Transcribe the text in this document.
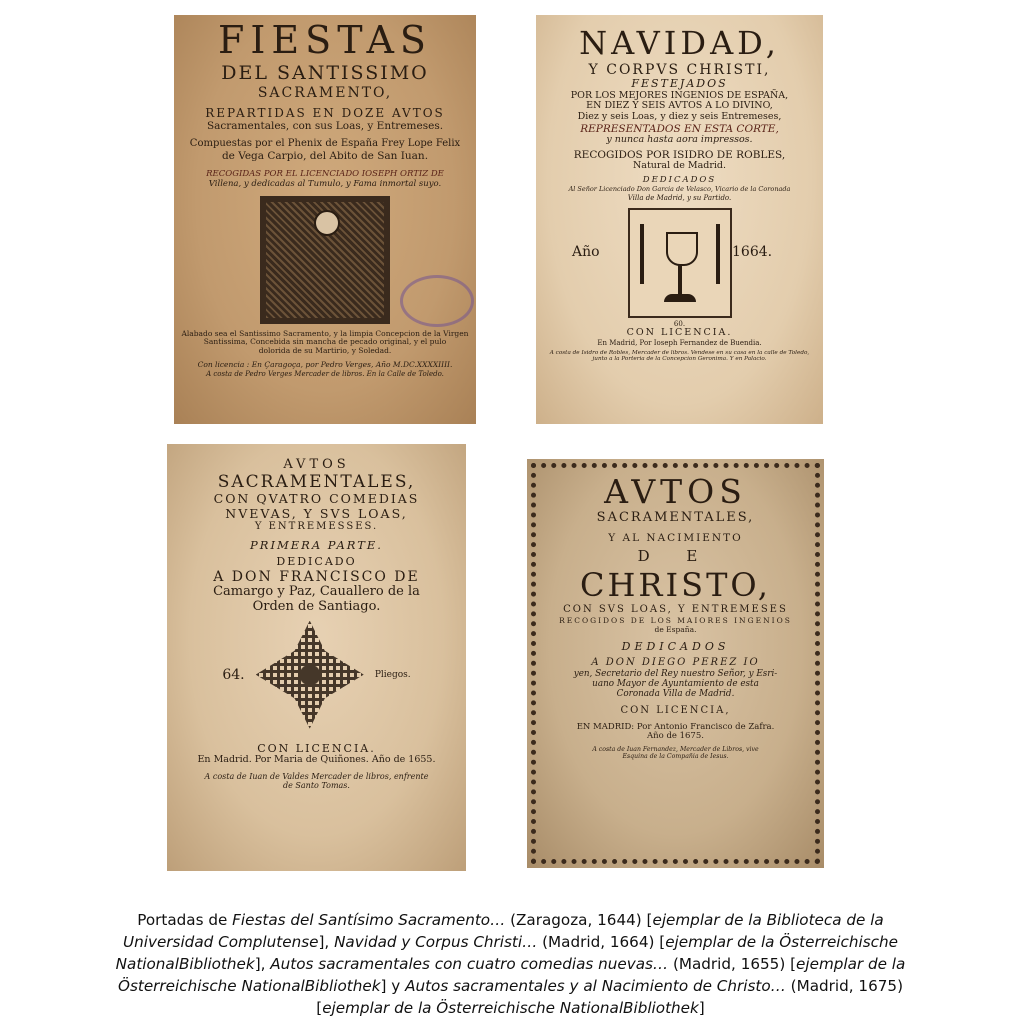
FIESTAS
DEL SANTISSIMO
SACRAMENTO,
REPARTIDAS EN DOZE AVTOS
Sacramentales, con sus Loas, y Entremeses.
Compuestas por el Phenix de España Frey Lope Felix
de Vega Carpio, del Abito de San Iuan.
RECOGIDAS POR EL LICENCIADO IOSEPH ORTIZ DE
Villena, y dedicadas al Tumulo, y Fama inmortal suyo.
Alabado sea el Santissimo Sacramento, y la limpia Concepcion de la Virgen
Santissima, Concebida sin mancha de pecado original, y el pulo
dolorida de su Martirio, y Soledad.
Con licencia : En Çaragoça, por Pedro Verges, Año M.DC.XXXXIIII.
A costa de Pedro Verges Mercader de libros. En la Calle de Toledo.
NAVIDAD,
Y CORPVS CHRISTI,
FESTEJADOS
POR LOS MEJORES INGENIOS DE ESPAÑA,
EN DIEZ Y SEIS AVTOS A LO DIVINO,
Diez y seis Loas, y diez y seis Entremeses,
REPRESENTADOS EN ESTA CORTE,
y nunca hasta aora impressos.
RECOGIDOS POR ISIDRO DE ROBLES,
Natural de Madrid.
DEDICADOS
Al Señor Licenciado Don Garcia de Velasco, Vicario de la Coronada
Villa de Madrid, y su Partido.
Año	1664.
60.
CON LICENCIA.
En Madrid, Por Ioseph Fernandez de Buendia.
A costa de Isidro de Robles, Mercader de libros. Vendese en su casa en la calle de Toledo,
junto a la Porteria de la Concepcion Geronima. Y en Palacio.
AVTOS
SACRAMENTALES,
CON QVATRO COMEDIAS
NVEVAS, Y SVS LOAS,
Y ENTREMESSES.
PRIMERA PARTE.
DEDICADO
A DON FRANCISCO DE
Camargo y Paz, Cauallero de la
Orden de Santiago.
64.	Pliegos.
CON LICENCIA.
En Madrid. Por Maria de Quiñones. Año de 1655.
A costa de Iuan de Valdes Mercader de libros, enfrente
de Santo Tomas.
AVTOS
SACRAMENTALES,
Y AL NACIMIENTO
D E
CHRISTO,
CON SVS LOAS, Y ENTREMESES
RECOGIDOS DE LOS MAIORES INGENIOS
de España.
DEDICADOS
A DON DIEGO PEREZ IO
yen, Secretario del Rey nuestro Señor, y Esri-
uano Mayor de Ayuntamiento de esta
Coronada Villa de Madrid.
CON LICENCIA,
EN MADRID: Por Antonio Francisco de Zafra.
Año de 1675.
A costa de Iuan Fernandez, Mercader de Libros, vive
Esquina de la Compañia de Iesus.
Portadas de Fiestas del Santísimo Sacramento… (Zaragoza, 1644) [ejemplar de la Biblioteca de la Universidad Complutense], Navidad y Corpus Christi… (Madrid, 1664) [ejemplar de la Österreichische NationalBibliothek], Autos sacramentales con cuatro comedias nuevas… (Madrid, 1655) [ejemplar de la Österreichische NationalBibliothek] y Autos sacramentales y al Nacimiento de Christo… (Madrid, 1675) [ejemplar de la Österreichische NationalBibliothek]
